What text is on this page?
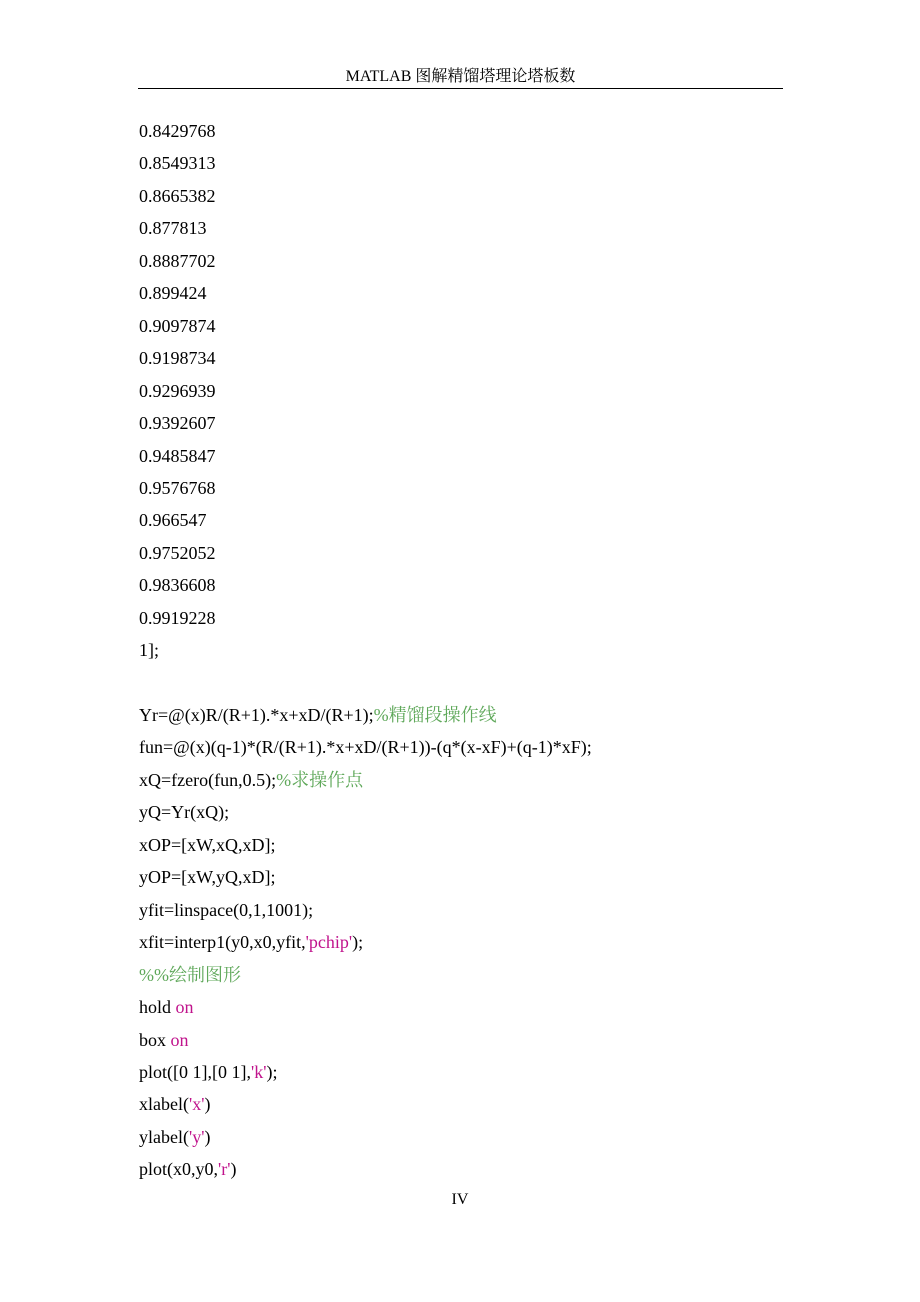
MATLAB 图解精馏塔理论塔板数
0.8429768
0.8549313
0.8665382
0.877813
0.8887702
0.899424
0.9097874
0.9198734
0.9296939
0.9392607
0.9485847
0.9576768
0.966547
0.9752052
0.9836608
0.9919228
1];
Yr=@(x)R/(R+1).*x+xD/(R+1);%精馏段操作线
fun=@(x)(q-1)*(R/(R+1).*x+xD/(R+1))-(q*(x-xF)+(q-1)*xF);
xQ=fzero(fun,0.5);%求操作点
yQ=Yr(xQ);
xOP=[xW,xQ,xD];
yOP=[xW,yQ,xD];
yfit=linspace(0,1,1001);
xfit=interp1(y0,x0,yfit,'pchip');
%%绘制图形
hold on
box on
plot([0 1],[0 1],'k');
xlabel('x')
ylabel('y')
plot(x0,y0,'r')
IV
